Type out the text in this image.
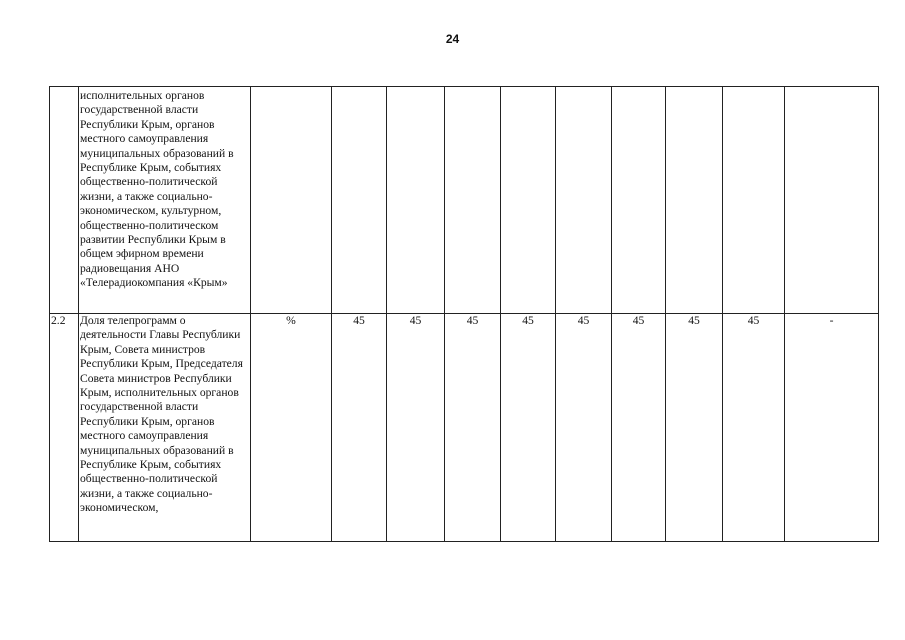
24
	исполнительных органов государственной власти Республики Крым, органов местного самоуправления муниципальных образований в Республике Крым, событиях общественно-политической жизни, а также социально-экономическом, культурном, общественно-политическом развитии Республики Крым в общем эфирном времени радиовещания АНО «Телерадиокомпания «Крым»										
2.2	Доля телепрограмм о деятельности Главы Республики Крым, Совета министров Республики Крым, Председателя Совета министров Республики Крым, исполнительных органов государственной власти Республики Крым, органов местного самоуправления муниципальных образований в Республике Крым, событиях общественно-политической жизни, а также социально-экономическом,	%	45	45	45	45	45	45	45	45	-
